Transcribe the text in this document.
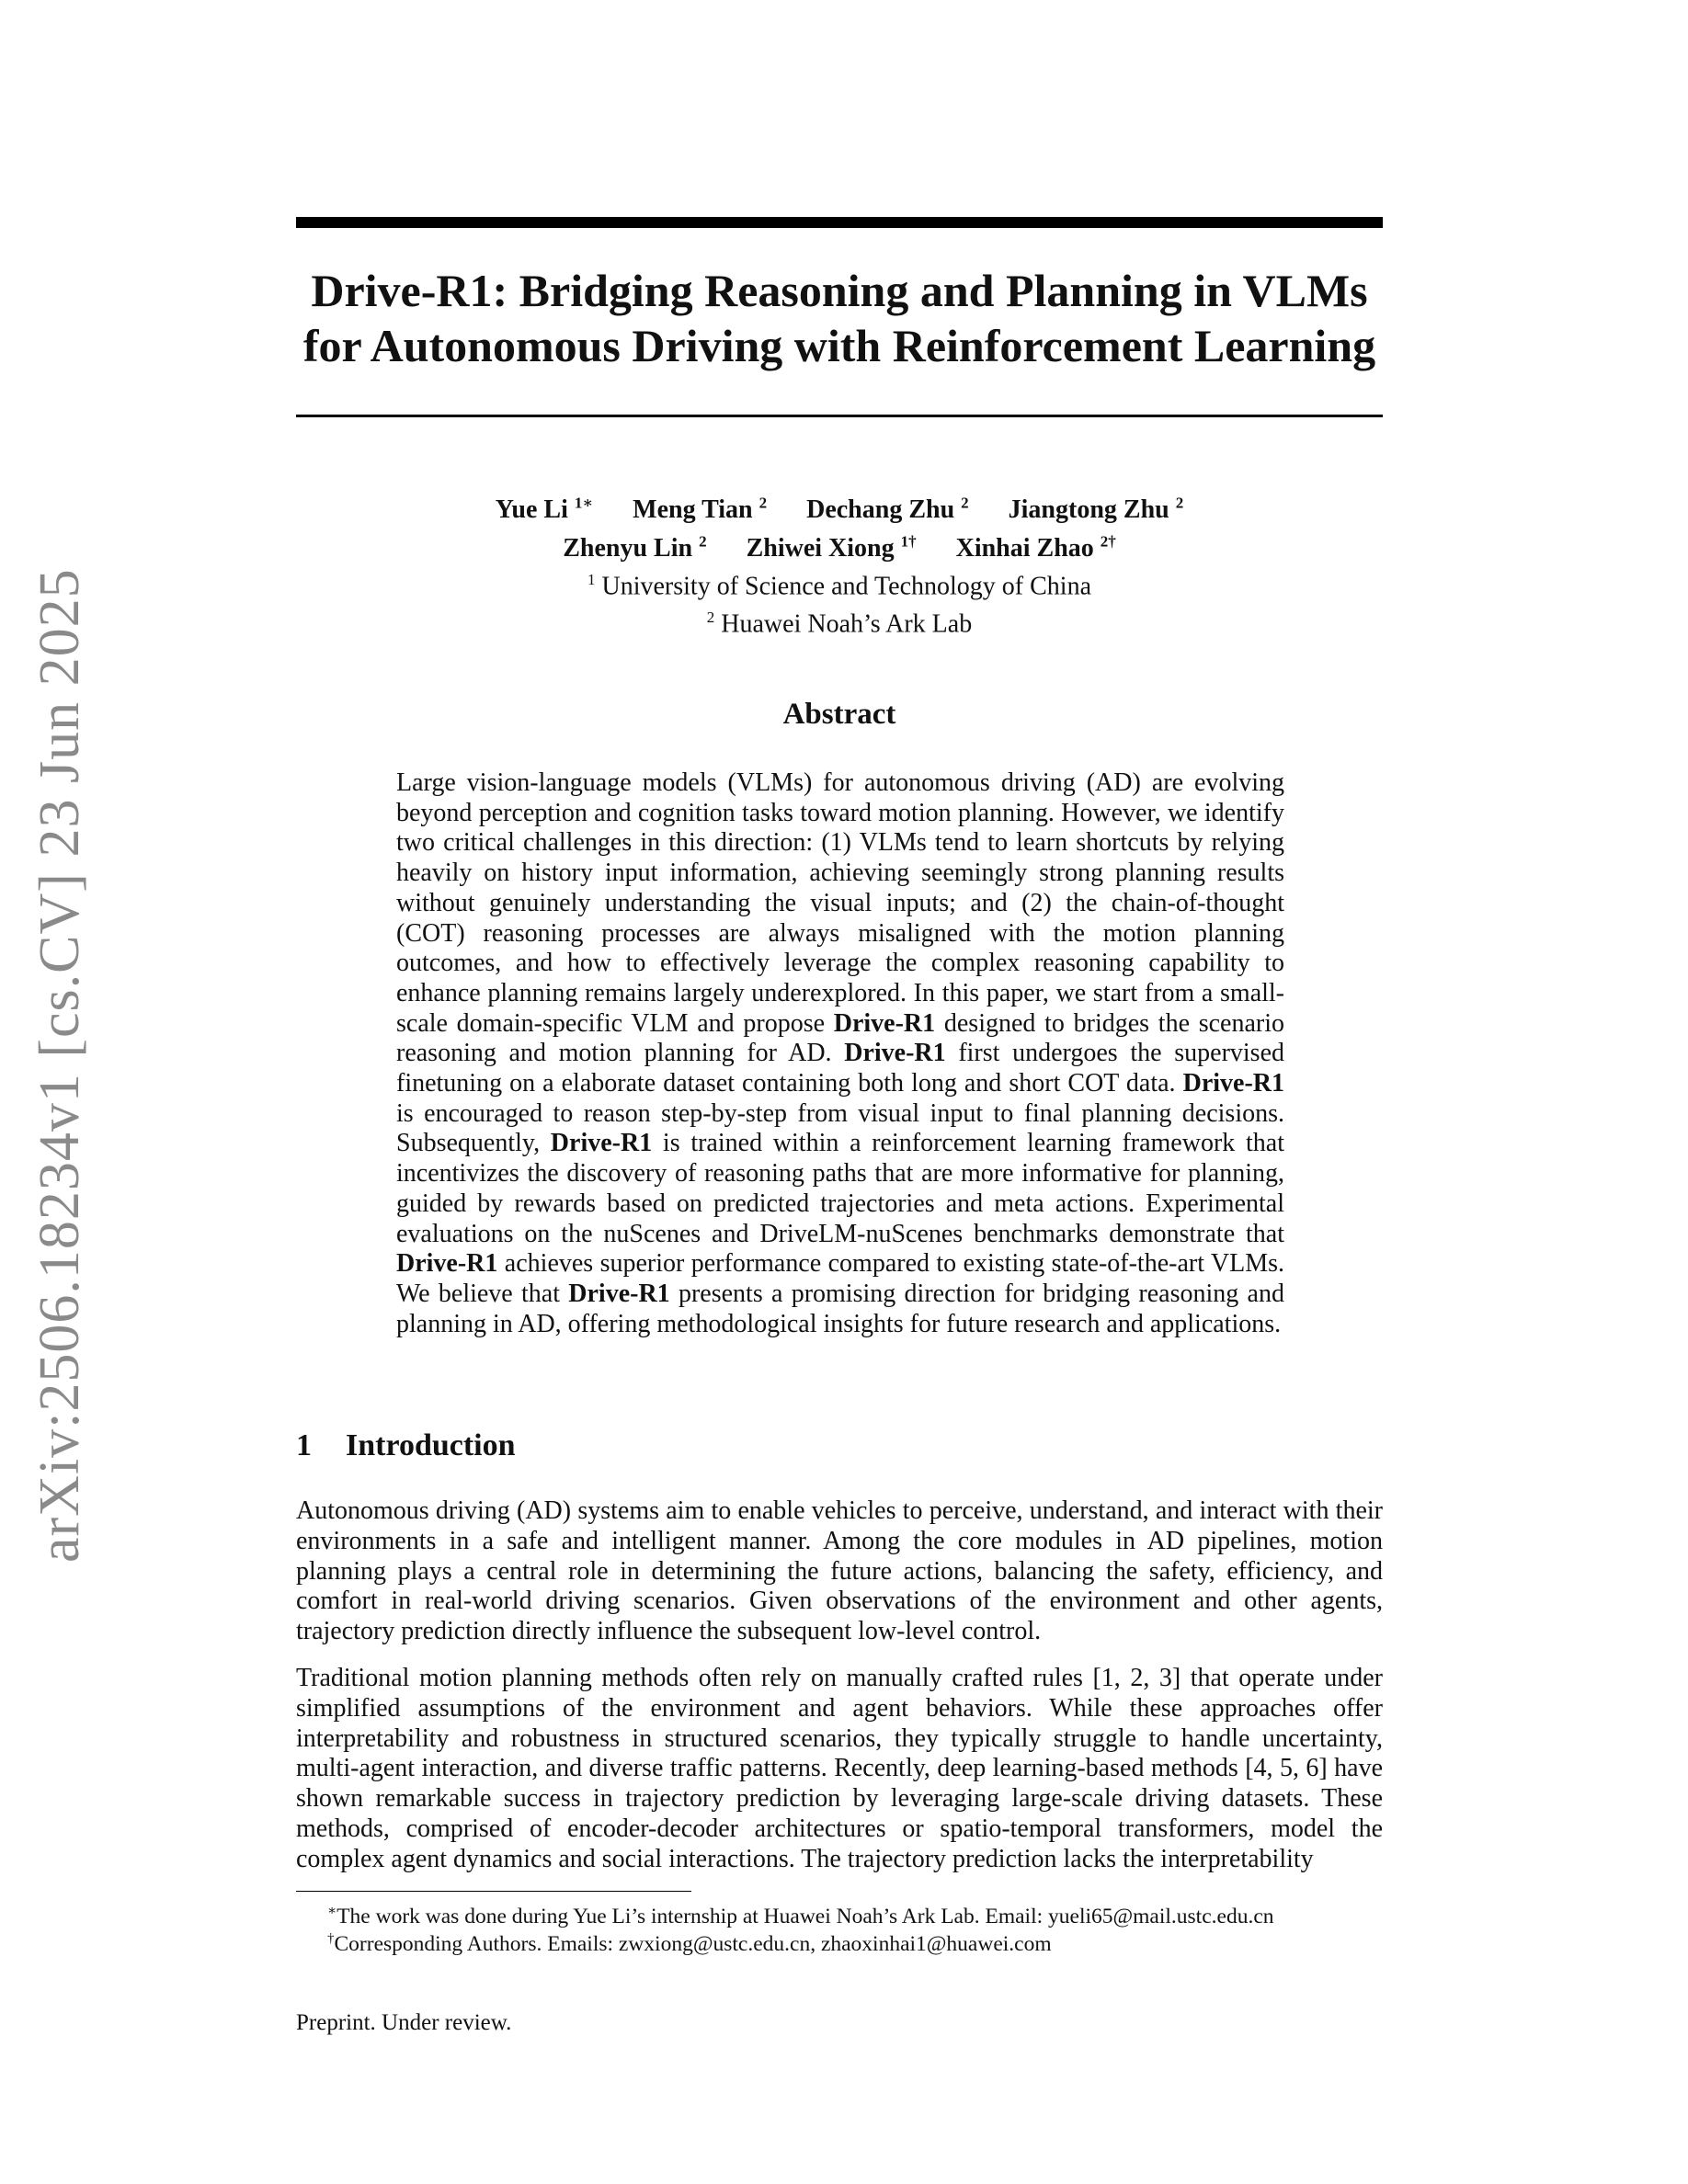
arXiv:2506.18234v1 [cs.CV] 23 Jun 2025
Drive-R1: Bridging Reasoning and Planning in VLMs
for Autonomous Driving with Reinforcement Learning
Yue Li $^{1∗}$ Meng Tian $^2$ Dechang Zhu $^2$ Jiangtong Zhu $^2$
Zhenyu Lin $^2$ Zhiwei Xiong $^{1\dagger}$ Xinhai Zhao $^{2\dagger}$
$^1$ University of Science and Technology of China
$^2$ Huawei Noah’s Ark Lab
Abstract

Large vision-language models (VLMs) for autonomous driving (AD) are evolving beyond perception and cognition tasks toward motion planning. However, we identify two critical challenges in this direction: (1) VLMs tend to learn shortcuts by relying heavily on history input information, achieving seemingly strong planning results without genuinely understanding the visual inputs; and (2) the chain-of-thought (COT) reasoning processes are always misaligned with the motion planning outcomes, and how to effectively leverage the complex reasoning capability to enhance planning remains largely underexplored. In this paper, we start from a small-scale domain-specific VLM and propose Drive-R1 designed to bridges the scenario reasoning and motion planning for AD. Drive-R1 first undergoes the supervised finetuning on a elaborate dataset containing both long and short COT data. Drive-R1 is encouraged to reason step-by-step from visual input to final planning decisions. Subsequently, Drive-R1 is trained within a reinforcement learning framework that incentivizes the discovery of reasoning paths that are more informative for planning, guided by rewards based on predicted trajectories and meta actions. Experimental evaluations on the nuScenes and DriveLM-nuScenes benchmarks demonstrate that Drive-R1 achieves superior performance compared to existing state-of-the-art VLMs. We believe that Drive-R1 presents a promising direction for bridging reasoning and planning in AD, offering methodological insights for future research and applications.

1 Introduction

Autonomous driving (AD) systems aim to enable vehicles to perceive, understand, and interact with their environments in a safe and intelligent manner. Among the core modules in AD pipelines, motion planning plays a central role in determining the future actions, balancing the safety, efficiency, and comfort in real-world driving scenarios. Given observations of the environment and other agents, trajectory prediction directly influence the subsequent low-level control.

Traditional motion planning methods often rely on manually crafted rules [1, 2, 3] that operate under simplified assumptions of the environment and agent behaviors. While these approaches offer interpretability and robustness in structured scenarios, they typically struggle to handle uncertainty, multi-agent interaction, and diverse traffic patterns. Recently, deep learning-based methods [4, 5, 6] have shown remarkable success in trajectory prediction by leveraging large-scale driving datasets. These methods, comprised of encoder-decoder architectures or spatio-temporal transformers, model the complex agent dynamics and social interactions. The trajectory prediction lacks the interpretability

∗The work was done during Yue Li’s internship at Huawei Noah’s Ark Lab. Email: yueli65@mail.ustc.edu.cn
†Corresponding Authors. Emails: zwxiong@ustc.edu.cn, zhaoxinhai1@huawei.com
Preprint. Under review.
